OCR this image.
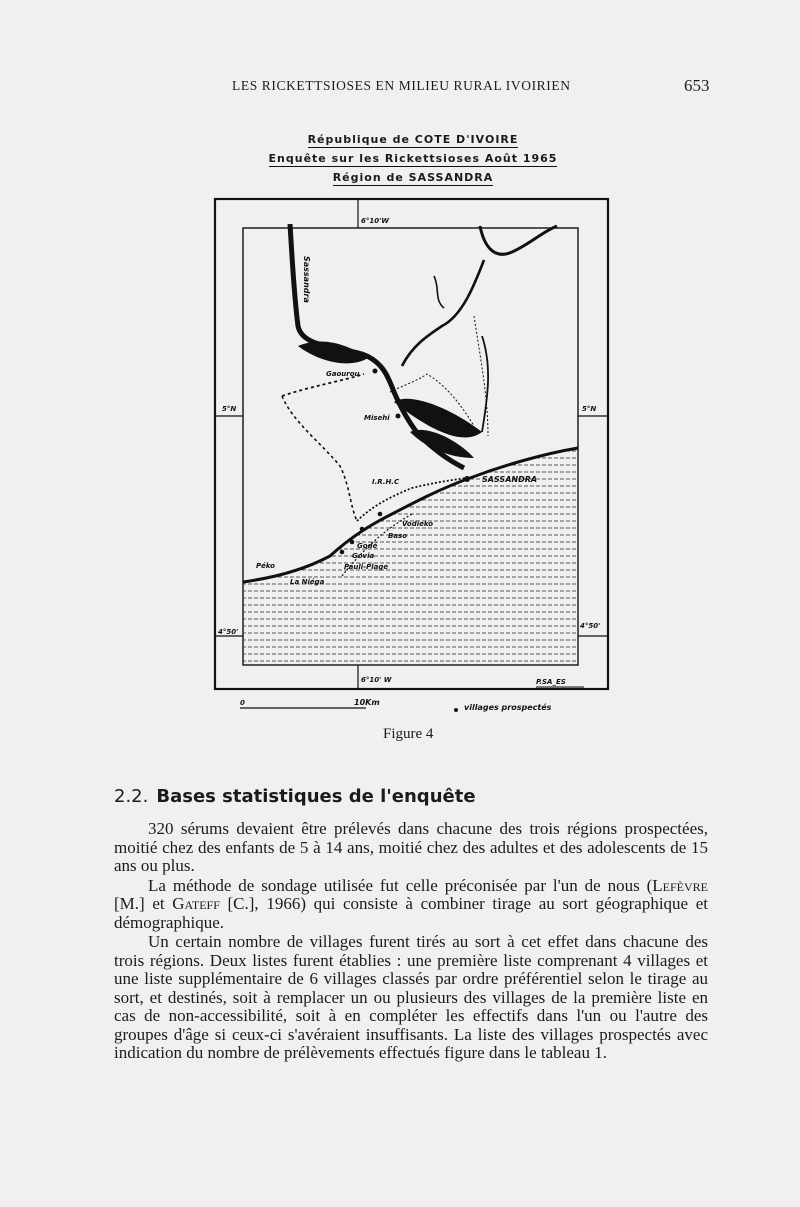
LES RICKETTSIOSES EN MILIEU RURAL IVOIRIEN	653
République de COTE D'IVOIRE
Enquête sur les Rickettsioses Août 1965
Région de SASSANDRA
6°10'W
6°10' W
5°N	5°N
4°50'
4°50'
Sassandra
Gaourou
Misehi
I.R.H.C	SASSANDRA
Vodieko
Baso
Godé
Govia
Pauli-Plage
Péko
La Niéga
P.SA_ES
0	10Km
villages prospectés
Figure 4
2.2. Bases statistiques de l'enquête

320 sérums devaient être prélevés dans chacune des trois régions prospectées, moitié chez des enfants de 5 à 14 ans, moitié chez des adultes et des adolescents de 15 ans ou plus.

La méthode de sondage utilisée fut celle préconisée par l'un de nous (Lefèvre [M.] et Gateff [C.], 1966) qui consiste à combiner tirage au sort géographique et démographique.

Un certain nombre de villages furent tirés au sort à cet effet dans chacune des trois régions. Deux listes furent établies : une première liste comprenant 4 villages et une liste supplémentaire de 6 villages classés par ordre préférentiel selon le tirage au sort, et destinés, soit à remplacer un ou plusieurs des villages de la première liste en cas de non-accessibilité, soit à en compléter les effectifs dans l'un ou l'autre des groupes d'âge si ceux-ci s'avéraient insuffisants. La liste des villages prospectés avec indication du nombre de prélèvements effectués figure dans le tableau 1.
